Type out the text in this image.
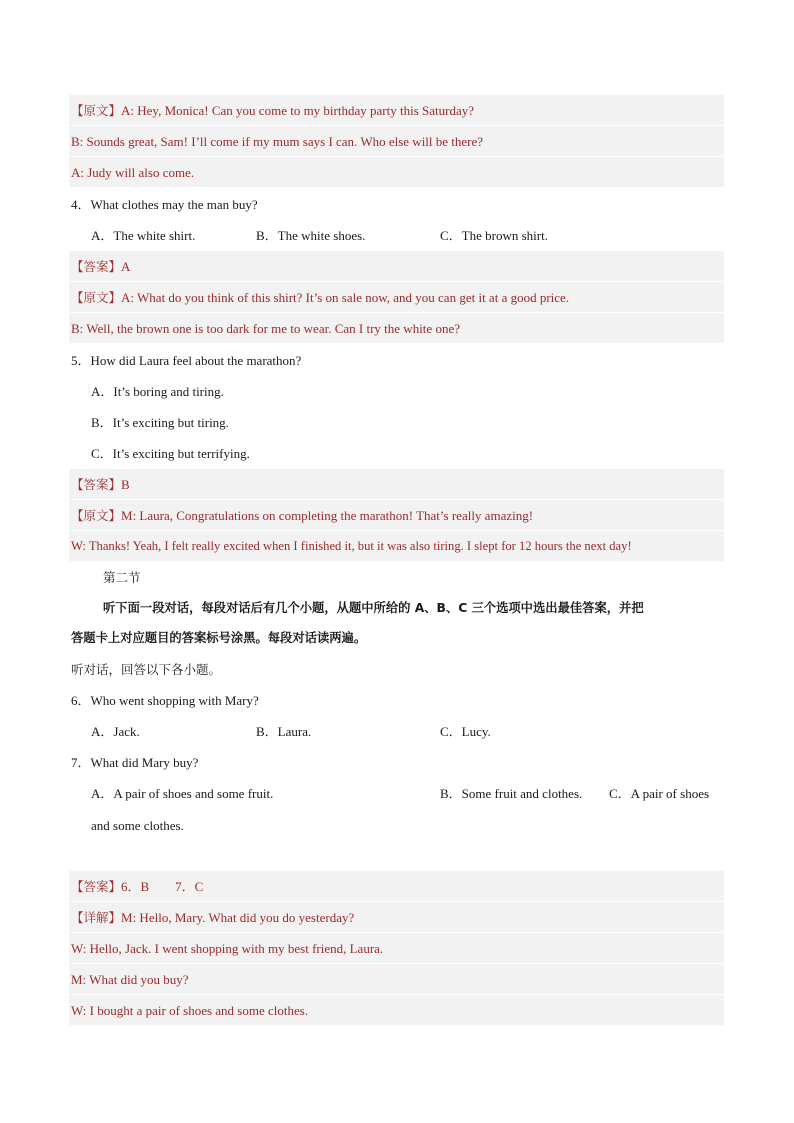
【原文】A: Hey, Monica! Can you come to my birthday party this Saturday?
B: Sounds great, Sam! I’ll come if my mum says I can. Who else will be there?
A: Judy will also come.
4．What clothes may the man buy?
A．The white shirt.	B．The white shoes.	C．The brown shirt.
【答案】A
【原文】A: What do you think of this shirt? It’s on sale now, and you can get it at a good price.
B: Well, the brown one is too dark for me to wear. Can I try the white one?
5．How did Laura feel about the marathon?
A．It’s boring and tiring.
B．It’s exciting but tiring.
C．It’s exciting but terrifying.
【答案】B
【原文】M: Laura, Congratulations on completing the marathon! That’s really amazing!
W: Thanks! Yeah, I felt really excited when I finished it, but it was also tiring. I slept for 12 hours the next day!
第二节
听下面一段对话，每段对话后有几个小题，从题中所给的 A、B、C 三个选项中选出最佳答案，并把
答题卡上对应题目的答案标号涂黑。每段对话读两遍。
听对话，回答以下各小题。
6．Who went shopping with Mary?
A．Jack.	B．Laura.	C．Lucy.
7．What did Mary buy?
A．A pair of shoes and some fruit.	B．Some fruit and clothes. C．A pair of shoes
and some clothes.
【答案】6．B        7．C
【详解】M: Hello, Mary. What did you do yesterday?
W: Hello, Jack. I went shopping with my best friend, Laura.
M: What did you buy?
W: I bought a pair of shoes and some clothes.
